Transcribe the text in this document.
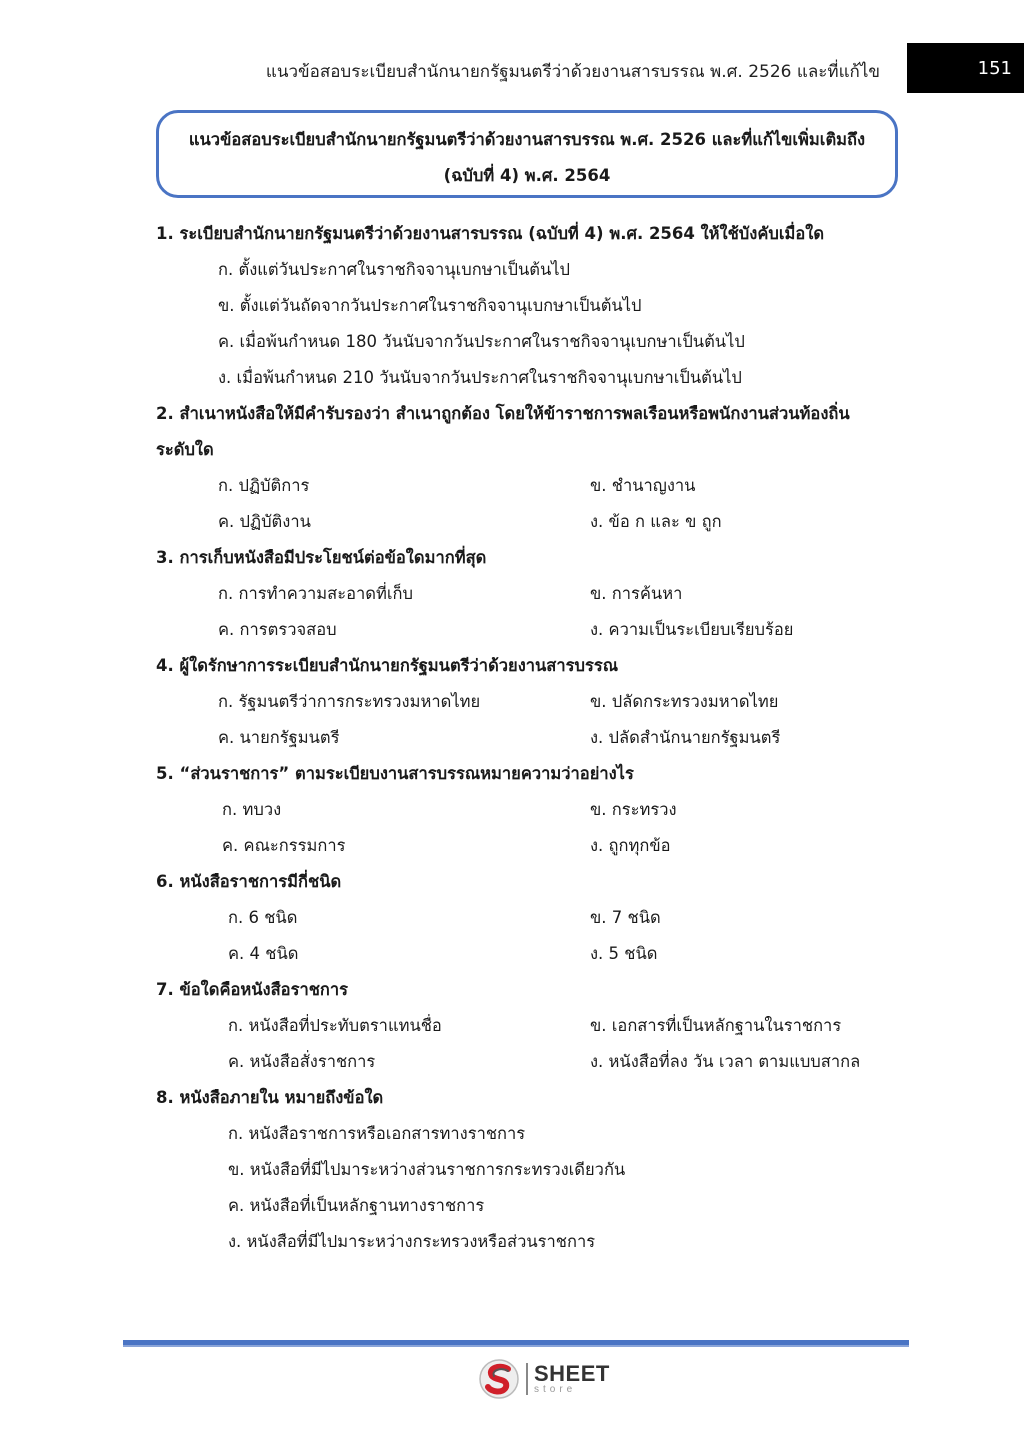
แนวข้อสอบระเบียบสำนักนายกรัฐมนตรีว่าด้วยงานสารบรรณ พ.ศ. 2526 และที่แก้ไข	151
แนวข้อสอบระเบียบสำนักนายกรัฐมนตรีว่าด้วยงานสารบรรณ พ.ศ. 2526 และที่แก้ไขเพิ่มเติมถึง
(ฉบับที่ 4) พ.ศ. 2564
1. ระเบียบสำนักนายกรัฐมนตรีว่าด้วยงานสารบรรณ (ฉบับที่ 4) พ.ศ. 2564 ให้ใช้บังคับเมื่อใด
ก. ตั้งแต่วันประกาศในราชกิจจานุเบกษาเป็นต้นไป
ข. ตั้งแต่วันถัดจากวันประกาศในราชกิจจานุเบกษาเป็นต้นไป
ค. เมื่อพ้นกำหนด 180 วันนับจากวันประกาศในราชกิจจานุเบกษาเป็นต้นไป
ง. เมื่อพ้นกำหนด 210 วันนับจากวันประกาศในราชกิจจานุเบกษาเป็นต้นไป
2. สำเนาหนังสือให้มีคำรับรองว่า สำเนาถูกต้อง โดยให้ข้าราชการพลเรือนหรือพนักงานส่วนท้องถิ่น
ระดับใด
ก. ปฏิบัติการ	ข. ชำนาญงาน
ค. ปฏิบัติงาน	ง. ข้อ ก และ ข ถูก
3. การเก็บหนังสือมีประโยชน์ต่อข้อใดมากที่สุด
ก. การทำความสะอาดที่เก็บ	ข. การค้นหา
ค. การตรวจสอบ	ง. ความเป็นระเบียบเรียบร้อย
4. ผู้ใดรักษาการระเบียบสำนักนายกรัฐมนตรีว่าด้วยงานสารบรรณ
ก. รัฐมนตรีว่าการกระทรวงมหาดไทย	ข. ปลัดกระทรวงมหาดไทย
ค. นายกรัฐมนตรี	ง. ปลัดสำนักนายกรัฐมนตรี
5. “ส่วนราชการ” ตามระเบียบงานสารบรรณหมายความว่าอย่างไร
ก. ทบวง	ข. กระทรวง
ค. คณะกรรมการ	ง. ถูกทุกข้อ
6. หนังสือราชการมีกี่ชนิด
ก. 6 ชนิด	ข. 7 ชนิด
ค. 4 ชนิด	ง. 5 ชนิด
7. ข้อใดคือหนังสือราชการ
ก. หนังสือที่ประทับตราแทนชื่อ	ข. เอกสารที่เป็นหลักฐานในราชการ
ค. หนังสือสั่งราชการ	ง. หนังสือที่ลง วัน เวลา ตามแบบสากล
8. หนังสือภายใน หมายถึงข้อใด
ก. หนังสือราชการหรือเอกสารทางราชการ
ข. หนังสือที่มีไปมาระหว่างส่วนราชการกระทรวงเดียวกัน
ค. หนังสือที่เป็นหลักฐานทางราชการ
ง. หนังสือที่มีไปมาระหว่างกระทรวงหรือส่วนราชการ
SHEET
store
